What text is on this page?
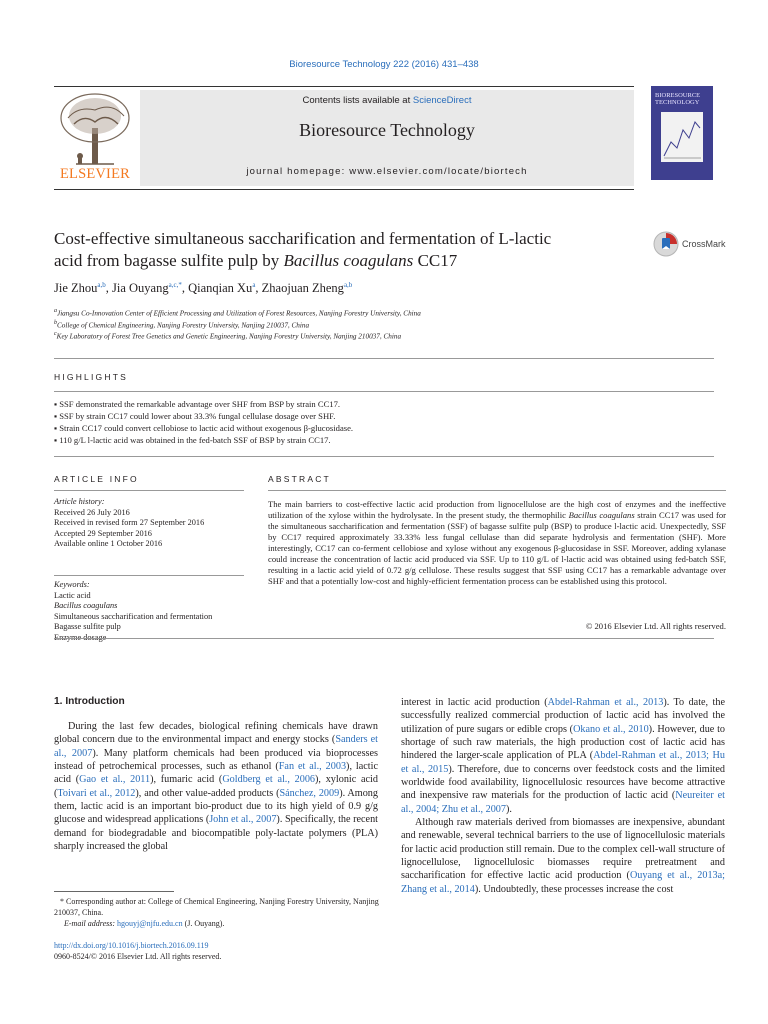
Bioresource Technology 222 (2016) 431–438
ELSEVIER
Contents lists available at ScienceDirect
Bioresource Technology
journal homepage: www.elsevier.com/locate/biortech
BIORESOURCE
TECHNOLOGY
Cost-effective simultaneous saccharification and fermentation of L-lactic
acid from bagasse sulfite pulp by Bacillus coagulans CC17
CrossMark
Jie Zhou$^{a,b}$, Jia Ouyang$^{a,c,*}$, Qianqian Xu$^a$, Zhaojuan Zheng$^{a,b}$
$^a$Jiangsu Co-Innovation Center of Efficient Processing and Utilization of Forest Resources, Nanjing Forestry University, China
$^b$College of Chemical Engineering, Nanjing Forestry University, Nanjing 210037, China
$^c$Key Laboratory of Forest Tree Genetics and Genetic Engineering, Nanjing Forestry University, Nanjing 210037, China
HIGHLIGHTS
▪ SSF demonstrated the remarkable advantage over SHF from BSP by strain CC17.
▪ SSF by strain CC17 could lower about 33.3% fungal cellulase dosage over SHF.
▪ Strain CC17 could convert cellobiose to lactic acid without exogenous β-glucosidase.
▪ 110 g/L l-lactic acid was obtained in the fed-batch SSF of BSP by strain CC17.
ARTICLE INFO
Article history:
Received 26 July 2016
Received in revised form 27 September 2016
Accepted 29 September 2016
Available online 1 October 2016
Keywords:
Lactic acid
Bacillus coagulans
Simultaneous saccharification and fermentation
Bagasse sulfite pulp
Enzyme dosage
ABSTRACT
The main barriers to cost-effective lactic acid production from lignocellulose are the high cost of enzymes and the ineffective utilization of the xylose within the hydrolysate. In the present study, the thermophilic Bacillus coagulans strain CC17 was used for the simultaneous saccharification and fermentation (SSF) of bagasse sulfite pulp (BSP) to produce l-lactic acid. Unexpectedly, SSF by CC17 required approximately 33.33% less fungal cellulase than did separate hydrolysis and fermentation (SHF). More interestingly, CC17 can co-ferment cellobiose and xylose without any exogenous β-glucosidase in SSF. Moreover, adding xylanase could increase the concentration of lactic acid produced via SSF. Up to 110 g/L of l-lactic acid was obtained using fed-batch SSF, resulting in a lactic acid yield of 0.72 g/g cellulose. These results suggest that SSF using CC17 has a remarkable advantage over SHF and that a potentially low-cost and highly-efficient fermentation process can be established using this protocol.
© 2016 Elsevier Ltd. All rights reserved.
1. Introduction

During the last few decades, biological refining chemicals have drawn global concern due to the environmental impact and energy stocks (Sanders et al., 2007). Many platform chemicals had been produced via bioprocesses instead of petrochemical processes, such as ethanol (Fan et al., 2003), lactic acid (Gao et al., 2011), fumaric acid (Goldberg et al., 2006), xylonic acid (Toivari et al., 2012), and other value-added products (Sánchez, 2009). Among them, lactic acid is an important bio-product due to its high yield of 0.9 g/g glucose and widespread applications (John et al., 2007). Specifically, the recent demand for biodegradable and biocompatible poly-lactate polymers (PLA) sharply increased the global

interest in lactic acid production (Abdel-Rahman et al., 2013). To date, the successfully realized commercial production of lactic acid has involved the utilization of pure sugars or edible crops (Okano et al., 2010). However, due to shortage of such raw materials, the high production cost of lactic acid has hindered the larger-scale application of PLA (Abdel-Rahman et al., 2013; Hu et al., 2015). Therefore, due to concerns over feedstock costs and the limited worldwide food availability, lignocellulosic resources have become attractive and inexpensive raw materials for the production of lactic acid (Neureiter et al., 2004; Zhu et al., 2007).

Although raw materials derived from biomasses are inexpensive, abundant and renewable, several technical barriers to the use of lignocellulosic materials for lactic acid production still remain. Due to the complex cell-wall structure of lignocellulose, lignocellulosic biomasses require pretreatment and saccharification for effective lactic acid production (Ouyang et al., 2013a; Zhang et al., 2014). Undoubtedly, these processes increase the cost

* Corresponding author at: College of Chemical Engineering, Nanjing Forestry University, Nanjing 210037, China.
E-mail address: hgouyj@njfu.edu.cn (J. Ouyang).
http://dx.doi.org/10.1016/j.biortech.2016.09.119
0960-8524/© 2016 Elsevier Ltd. All rights reserved.
